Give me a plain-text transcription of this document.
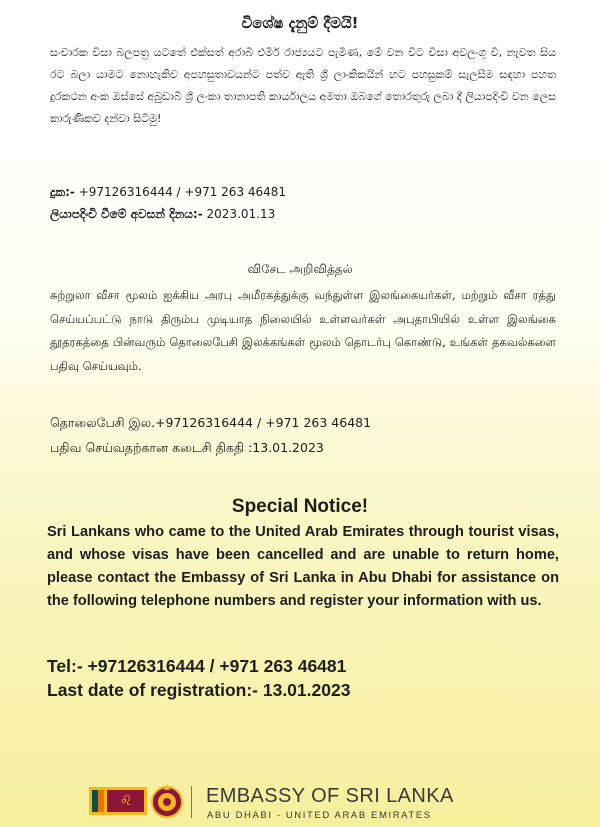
විශේෂ දැනුම් දීමයි!
සංචාරක වීසා බලපත්‍ර යටතේ එක්සත් අරාබි එමීර් රාජ්‍යයට පැමිණ, මේ වන විට වීසා අවලංගු වී, නැවත සිය රට බලා යාමට නොහැකිව අපහසුතාවයන්ට පත්ව ඇති ශ්‍රී ලාංකිකයින් හට පහසුකම් සැලසීම සඳහා පහත දුරකථන අංක ඔස්සේ අබුඩාබි ශ්‍රී ලංකා තානාපති කාර්යාලය අමතා ඔබගේ තොරතුරු ලබා දී ලියාපදිංචි වන ලෙස කාරුණිකව දන්වා සිටිමු!
දුක:- +97126316444 / +971 263 46481
ලියාපදිංචි වීමේ අවසන් දිනය:- 2023.01.13
விசேட அறிவித்தல்
சுற்றுலா வீசா மூலம் ஐக்கிய அரபு அமீரகத்துக்கு வந்துள்ள இலங்கையர்கள், மற்றும் வீசா ரத்து செய்யப்பட்டு நாடு திரும்ப முடியாத நிலையில் உள்ளவர்கள் அபுதாபியில் உள்ள இலங்கை தூதரகத்தை பின்வரும் தொலைபேசி இலக்கங்கள் மூலம் தொடர்பு கொண்டு, உங்கள் தகவல்களை பதிவு செய்யவும்.
தொலைபேசி இல.+97126316444 / +971 263 46481
பதிவ செய்வதற்கான கடைசி திகதி :13.01.2023
Special Notice!
Sri Lankans who came to the United Arab Emirates through tourist visas, and whose visas have been cancelled and are unable to return home, please contact the Embassy of Sri Lanka in Abu Dhabi for assistance on the following telephone numbers and register your information with us.
Tel:- +97126316444 / +971 263 46481
Last date of registration:- 13.01.2023
♌	EMBASSY OF SRI LANKA
ABU DHABI - UNITED ARAB EMIRATES
